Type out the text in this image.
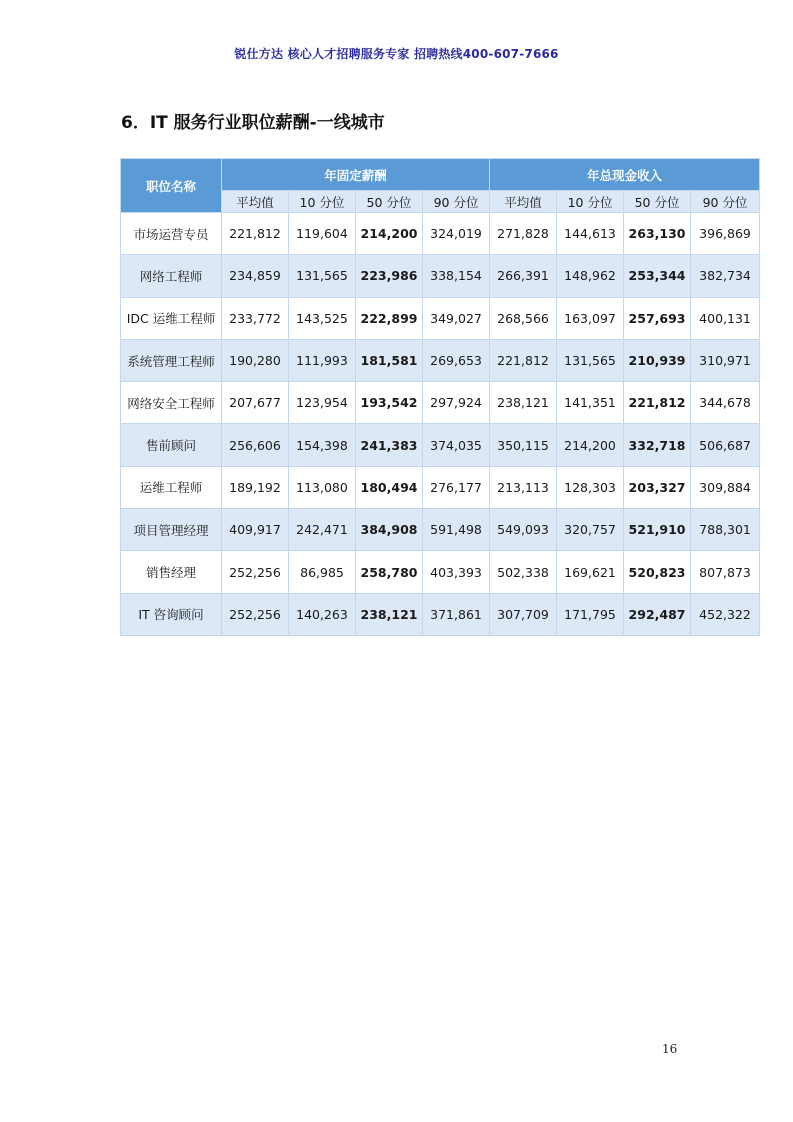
锐仕方达 核心人才招聘服务专家 招聘热线400-607-7666
6．IT 服务行业职位薪酬-一线城市
职位名称	年固定薪酬				年总现金收入			
	平均值	10 分位	50 分位	90 分位	平均值	10 分位	50 分位	90 分位
市场运营专员	221,812	119,604	214,200	324,019	271,828	144,613	263,130	396,869
网络工程师	234,859	131,565	223,986	338,154	266,391	148,962	253,344	382,734
IDC 运维工程师	233,772	143,525	222,899	349,027	268,566	163,097	257,693	400,131
系统管理工程师	190,280	111,993	181,581	269,653	221,812	131,565	210,939	310,971
网络安全工程师	207,677	123,954	193,542	297,924	238,121	141,351	221,812	344,678
售前顾问	256,606	154,398	241,383	374,035	350,115	214,200	332,718	506,687
运维工程师	189,192	113,080	180,494	276,177	213,113	128,303	203,327	309,884
项目管理经理	409,917	242,471	384,908	591,498	549,093	320,757	521,910	788,301
销售经理	252,256	86,985	258,780	403,393	502,338	169,621	520,823	807,873
IT 咨询顾问	252,256	140,263	238,121	371,861	307,709	171,795	292,487	452,322
16
